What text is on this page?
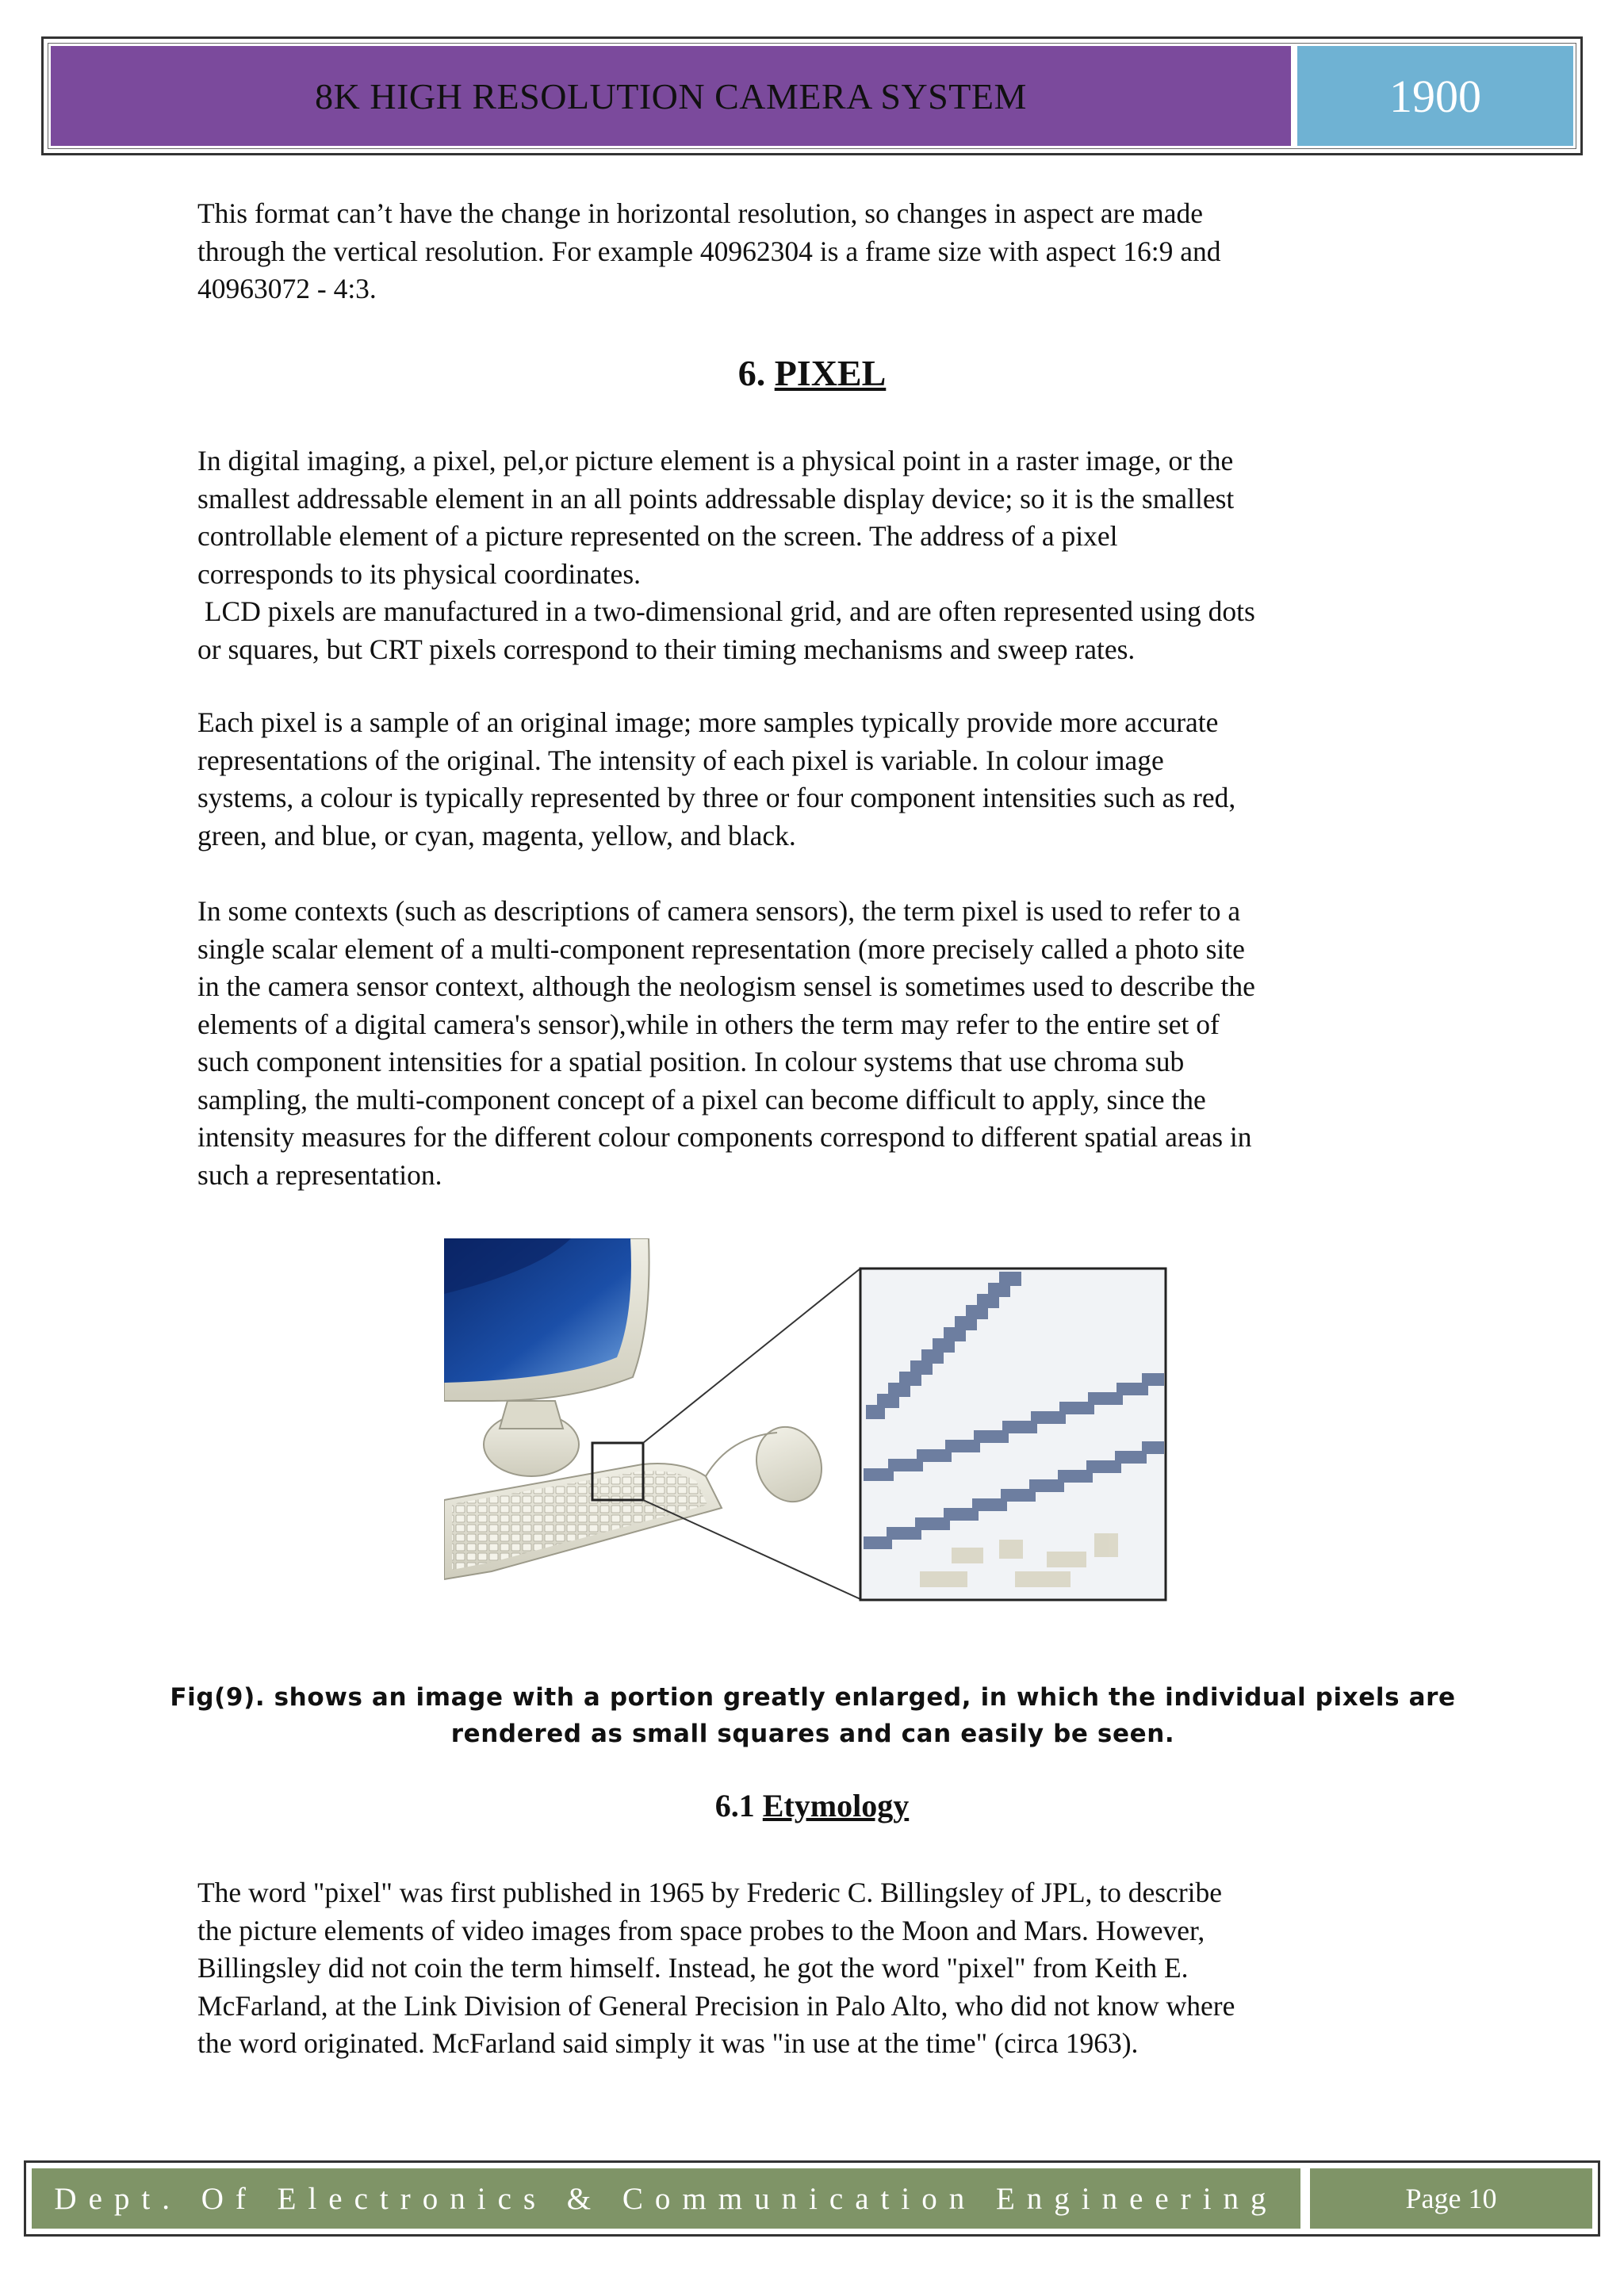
8K HIGH RESOLUTION CAMERA SYSTEM	1900

This format can’t have the change in horizontal resolution, so changes in aspect are made
through the vertical resolution. For example 40962304 is a frame size with aspect 16:9 and
40963072 - 4:3.

6. PIXEL

In digital imaging, a pixel, pel,or picture element is a physical point in a raster image, or the
smallest addressable element in an all points addressable display device; so it is the smallest
controllable element of a picture represented on the screen. The address of a pixel
corresponds to its physical coordinates.
LCD pixels are manufactured in a two-dimensional grid, and are often represented using dots
or squares, but CRT pixels correspond to their timing mechanisms and sweep rates.

Each pixel is a sample of an original image; more samples typically provide more accurate
representations of the original. The intensity of each pixel is variable. In colour image
systems, a colour is typically represented by three or four component intensities such as red,
green, and blue, or cyan, magenta, yellow, and black.

In some contexts (such as descriptions of camera sensors), the term pixel is used to refer to a
single scalar element of a multi-component representation (more precisely called a photo site
in the camera sensor context, although the neologism sensel is sometimes used to describe the
elements of a digital camera's sensor),while in others the term may refer to the entire set of
such component intensities for a spatial position. In colour systems that use chroma sub
sampling, the multi-component concept of a pixel can become difficult to apply, since the
intensity measures for the different colour components correspond to different spatial areas in
such a representation.

Fig(9). shows an image with a portion greatly enlarged, in which the individual pixels are
rendered as small squares and can easily be seen.
6.1 Etymology

The word "pixel" was first published in 1965 by Frederic C. Billingsley of JPL, to describe
the picture elements of video images from space probes to the Moon and Mars. However,
Billingsley did not coin the term himself. Instead, he got the word "pixel" from Keith E.
McFarland, at the Link Division of General Precision in Palo Alto, who did not know where
the word originated. McFarland said simply it was "in use at the time" (circa 1963).

Dept. Of Electronics & Communication Engineering	Page 10
